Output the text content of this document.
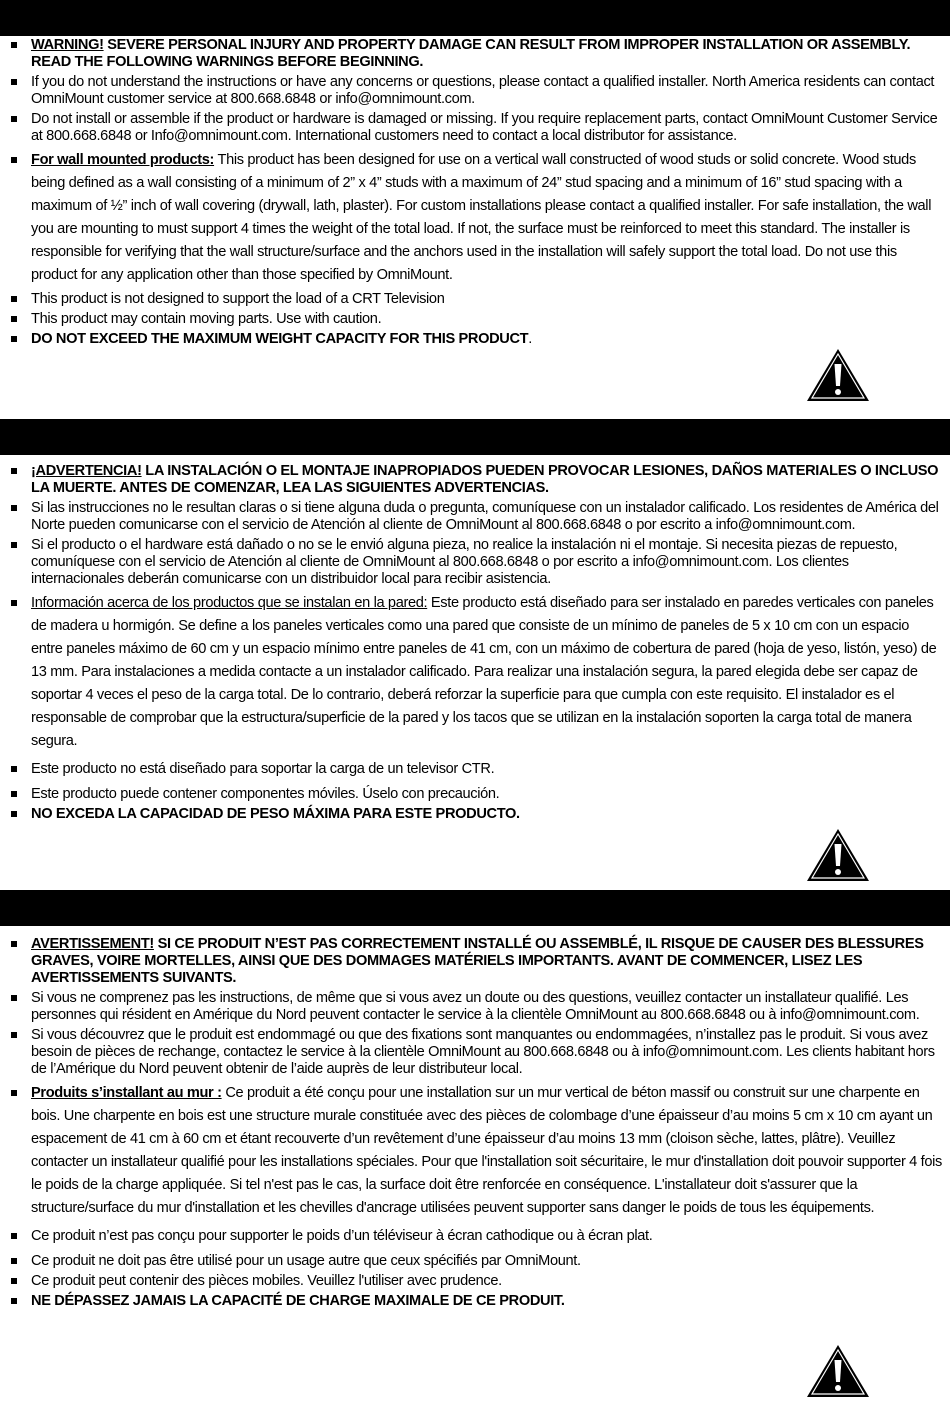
WARNING! SEVERE PERSONAL INJURY AND PROPERTY DAMAGE CAN RESULT FROM IMPROPER INSTALLATION OR ASSEMBLY. READ THE FOLLOWING WARNINGS BEFORE BEGINNING.
If you do not understand the instructions or have any concerns or questions, please contact a qualified installer. North America residents can contact OmniMount customer service at 800.668.6848 or info@omnimount.com.
Do not install or assemble if the product or hardware is damaged or missing. If you require replacement parts, contact OmniMount Customer Service at 800.668.6848 or Info@omnimount.com. International customers need to contact a local distributor for assistance.
For wall mounted products: This product has been designed for use on a vertical wall constructed of wood studs or solid concrete. Wood studs being defined as a wall consisting of a minimum of 2” x 4” studs with a maximum of 24” stud spacing and a minimum of 16” stud spacing with a maximum of ½” inch of wall covering (drywall, lath, plaster). For custom installations please contact a qualified installer. For safe installation, the wall you are mounting to must support 4 times the weight of the total load. If not, the surface must be reinforced to meet this standard. The installer is responsible for verifying that the wall structure/surface and the anchors used in the installation will safely support the total load. Do not use this product for any application other than those specified by OmniMount.
This product is not designed to support the load of a CRT Television
This product may contain moving parts. Use with caution.
DO NOT EXCEED THE MAXIMUM WEIGHT CAPACITY FOR THIS PRODUCT.
¡ADVERTENCIA! LA INSTALACIÓN O EL MONTAJE INAPROPIADOS PUEDEN PROVOCAR LESIONES, DAÑOS MATERIALES O INCLUSO LA MUERTE. ANTES DE COMENZAR, LEA LAS SIGUIENTES ADVERTENCIAS.
Si las instrucciones no le resultan claras o si tiene alguna duda o pregunta, comuníquese con un instalador calificado. Los residentes de América del Norte pueden comunicarse con el servicio de Atención al cliente de OmniMount al 800.668.6848 o por escrito a info@omnimount.com.
Si el producto o el hardware está dañado o no se le envió alguna pieza, no realice la instalación ni el montaje. Si necesita piezas de repuesto, comuníquese con el servicio de Atención al cliente de OmniMount al 800.668.6848 o por escrito a info@omnimount.com. Los clientes internacionales deberán comunicarse con un distribuidor local para recibir asistencia.
Información acerca de los productos que se instalan en la pared: Este producto está diseñado para ser instalado en paredes verticales con paneles de madera u hormigón. Se define a los paneles verticales como una pared que consiste de un mínimo de paneles de 5 x 10 cm con un espacio entre paneles máximo de 60 cm y un espacio mínimo entre paneles de 41 cm, con un máximo de cobertura de pared (hoja de yeso, listón, yeso) de 13 mm. Para instalaciones a medida contacte a un instalador calificado. Para realizar una instalación segura, la pared elegida debe ser capaz de soportar 4 veces el peso de la carga total. De lo contrario, deberá reforzar la superficie para que cumpla con este requisito. El instalador es el responsable de comprobar que la estructura/superficie de la pared y los tacos que se utilizan en la instalación soporten la carga total de manera segura.
Este producto no está diseñado para soportar la carga de un televisor CTR.
Este producto puede contener componentes móviles. Úselo con precaución.
NO EXCEDA LA CAPACIDAD DE PESO MÁXIMA PARA ESTE PRODUCTO.
AVERTISSEMENT! SI CE PRODUIT N’EST PAS CORRECTEMENT INSTALLÉ OU ASSEMBLÉ, IL RISQUE DE CAUSER DES BLESSURES GRAVES, VOIRE MORTELLES, AINSI QUE DES DOMMAGES MATÉRIELS IMPORTANTS. AVANT DE COMMENCER, LISEZ LES AVERTISSEMENTS SUIVANTS.
Si vous ne comprenez pas les instructions, de même que si vous avez un doute ou des questions, veuillez contacter un installateur qualifié. Les personnes qui résident en Amérique du Nord peuvent contacter le service à la clientèle OmniMount au 800.668.6848 ou à info@omnimount.com.
Si vous découvrez que le produit est endommagé ou que des fixations sont manquantes ou endommagées, n’installez pas le produit. Si vous avez besoin de pièces de rechange, contactez le service à la clientèle OmniMount au 800.668.6848 ou à info@omnimount.com. Les clients habitant hors de l’Amérique du Nord peuvent obtenir de l’aide auprès de leur distributeur local.
Produits s’installant au mur : Ce produit a été conçu pour une installation sur un mur vertical de béton massif ou construit sur une charpente en bois. Une charpente en bois est une structure murale constituée avec des pièces de colombage d’une épaisseur d’au moins 5 cm x 10 cm ayant un espacement de 41 cm à 60 cm et étant recouverte d’un revêtement d’une épaisseur d’au moins 13 mm (cloison sèche, lattes, plâtre). Veuillez contacter un installateur qualifié pour les installations spéciales. Pour que l'installation soit sécuritaire, le mur d'installation doit pouvoir supporter 4 fois le poids de la charge appliquée. Si tel n'est pas le cas, la surface doit être renforcée en conséquence. L'installateur doit s'assurer que la structure/surface du mur d'installation et les chevilles d'ancrage utilisées peuvent supporter sans danger le poids de tous les équipements.
Ce produit n’est pas conçu pour supporter le poids d’un téléviseur à écran cathodique ou à écran plat.
Ce produit ne doit pas être utilisé pour un usage autre que ceux spécifiés par OmniMount.
Ce produit peut contenir des pièces mobiles. Veuillez l'utiliser avec prudence.
NE DÉPASSEZ JAMAIS LA CAPACITÉ DE CHARGE MAXIMALE DE CE PRODUIT.
